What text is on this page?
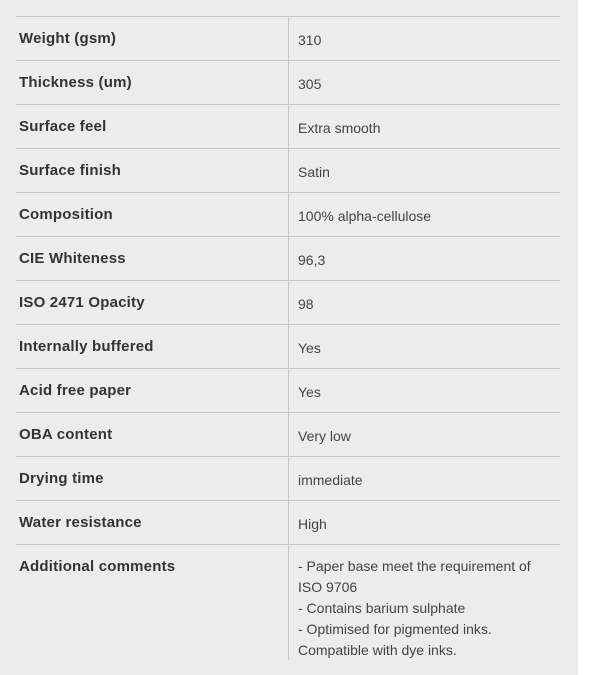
Weight (gsm)	310
Thickness (um)	305
Surface feel	Extra smooth
Surface finish	Satin
Composition	100% alpha-cellulose
CIE Whiteness	96,3
ISO 2471 Opacity	98
Internally buffered	Yes
Acid free paper	Yes
OBA content	Very low
Drying time	immediate
Water resistance	High
Additional comments	- Paper base meet the requirement of ISO 9706
- Contains barium sulphate
- Optimised for pigmented inks. Compatible with dye inks.
